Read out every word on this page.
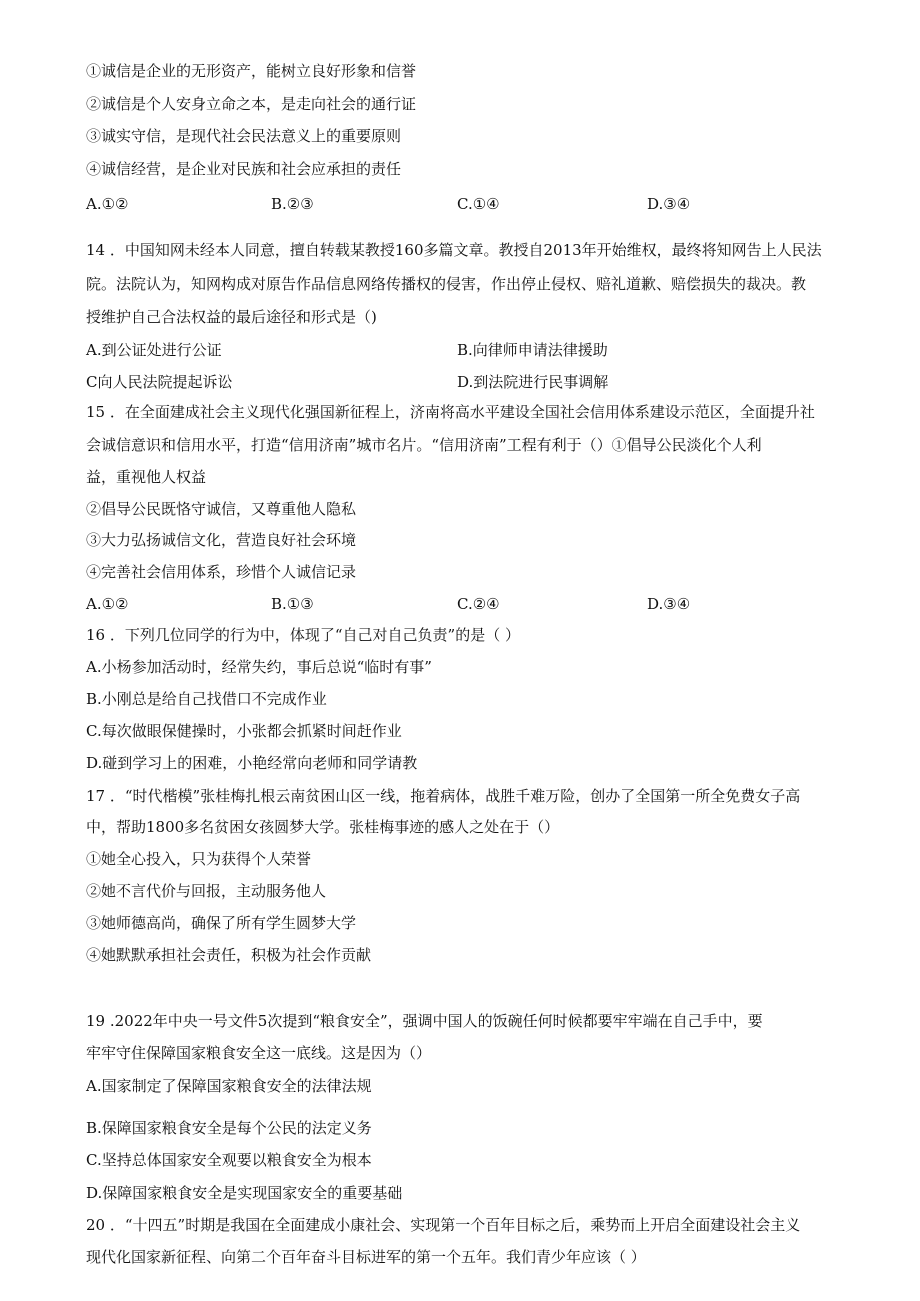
①诚信是企业的无形资产，能树立良好形象和信誉
②诚信是个人安身立命之本，是走向社会的通行证
③诚实守信，是现代社会民法意义上的重要原则
④诚信经营，是企业对民族和社会应承担的责任
A.①②	B.②③	C.①④	D.③④
14 ．中国知网未经本人同意，擅自转载某教授160多篇文章。教授自2013年开始维权，最终将知网告上人民法
院。法院认为，知网构成对原告作品信息网络传播权的侵害，作出停止侵权、赔礼道歉、赔偿损失的裁决。教
授维护自己合法权益的最后途径和形式是（)
A.到公证处进行公证	B.向律师申请法律援助
C向人民法院提起诉讼	D.到法院进行民事调解
15 ．在全面建成社会主义现代化强国新征程上，济南将高水平建设全国社会信用体系建设示范区，全面提升社
会诚信意识和信用水平，打造“信用济南”城市名片。“信用济南”工程有利于（）①倡导公民淡化个人利
益，重视他人权益
②倡导公民既恪守诚信，又尊重他人隐私
③大力弘扬诚信文化，营造良好社会环境
④完善社会信用体系，珍惜个人诚信记录
A.①②	B.①③	C.②④	D.③④
16 ．下列几位同学的行为中，体现了“自己对自己负责”的是（ ）
A.小杨参加活动时，经常失约，事后总说“临时有事”
B.小刚总是给自己找借口不完成作业
C.每次做眼保健操时，小张都会抓紧时间赶作业
D.碰到学习上的困难，小艳经常向老师和同学请教
17 ．“时代楷模”张桂梅扎根云南贫困山区一线，拖着病体，战胜千难万险，创办了全国第一所全免费女子高
中，帮助1800多名贫困女孩圆梦大学。张桂梅事迹的感人之处在于（）
①她全心投入，只为获得个人荣誉
②她不言代价与回报，主动服务他人
③她师德高尚，确保了所有学生圆梦大学
④她默默承担社会责任，积极为社会作贡献
19 .2022年中央一号文件5次提到“粮食安全”，强调中国人的饭碗任何时候都要牢牢端在自己手中，要
牢牢守住保障国家粮食安全这一底线。这是因为（）
A.国家制定了保障国家粮食安全的法律法规
B.保障国家粮食安全是每个公民的法定义务
C.坚持总体国家安全观要以粮食安全为根本
D.保障国家粮食安全是实现国家安全的重要基础
20 ．“十四五”时期是我国在全面建成小康社会、实现第一个百年目标之后，乘势而上开启全面建设社会主义
现代化国家新征程、向第二个百年奋斗目标进军的第一个五年。我们青少年应该（ ）
